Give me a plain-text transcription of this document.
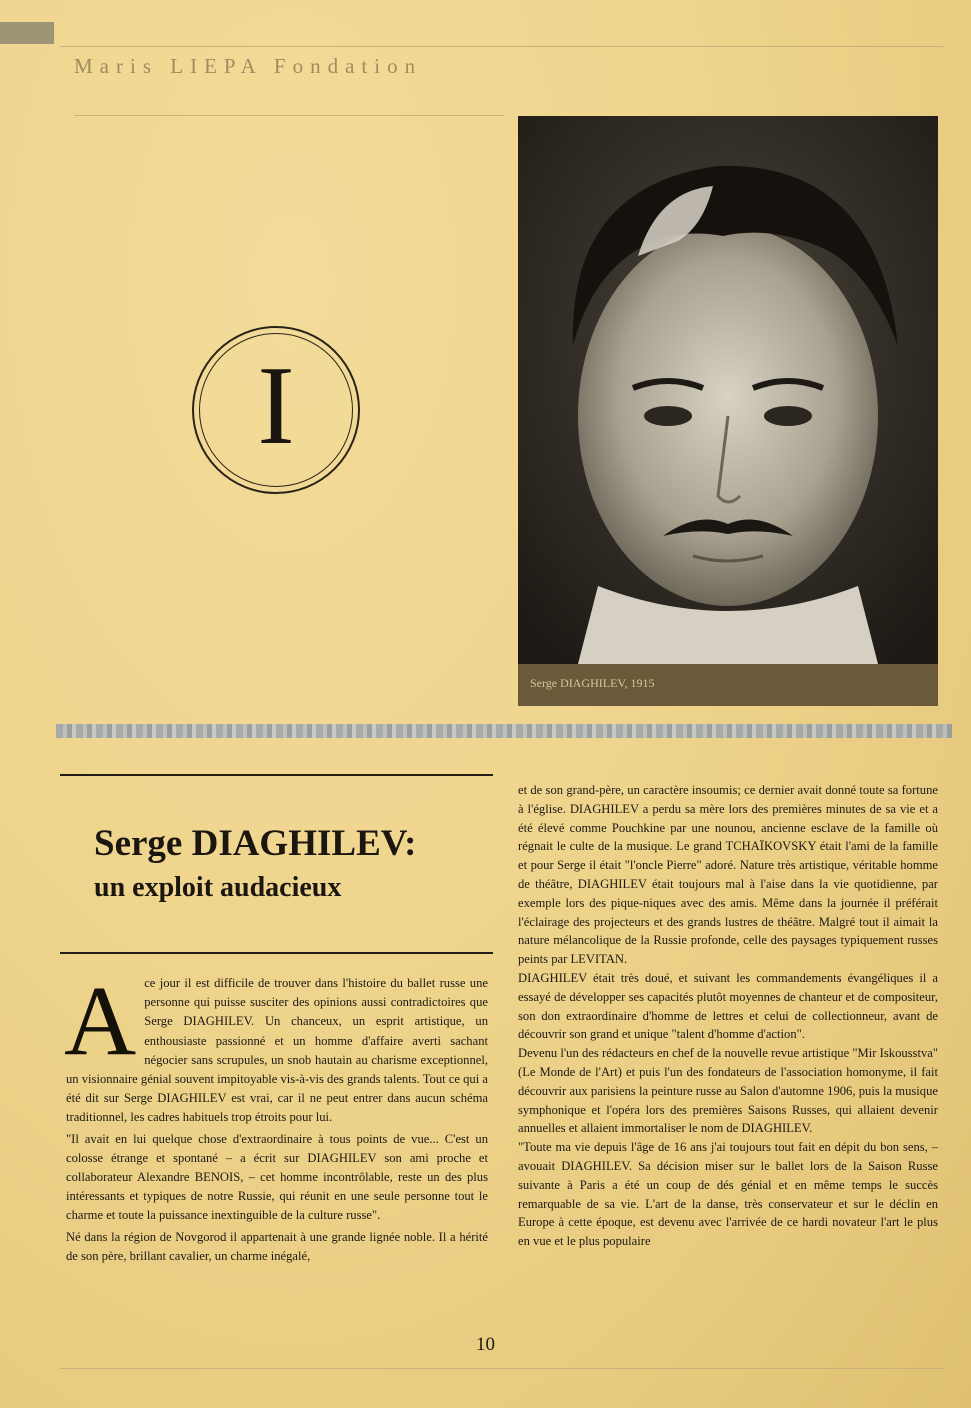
Maris LIEPA Fondation
I
Serge DIAGHILEV, 1915
Serge DIAGHILEV:
un exploit audacieux

A ce jour il est difficile de trouver dans l'histoire du ballet russe une personne qui puisse susciter des opinions aussi contradictoires que Serge DIAGHILEV. Un chanceux, un esprit artistique, un enthousiaste passionné et un homme d'affaire averti sachant négocier sans scrupules, un snob hautain au charisme exceptionnel, un visionnaire génial souvent impitoyable vis-à-vis des grands talents. Tout ce qui a été dit sur Serge DIAGHILEV est vrai, car il ne peut entrer dans aucun schéma traditionnel, les cadres habituels trop étroits pour lui.

"Il avait en lui quelque chose d'extraordinaire à tous points de vue... C'est un colosse étrange et spontané – a écrit sur DIAGHILEV son ami proche et collaborateur Alexandre BENOIS, – cet homme incontrôlable, reste un des plus intéressants et typiques de notre Russie, qui réunit en une seule personne tout le charme et toute la puissance inextinguible de la culture russe".

Né dans la région de Novgorod il appartenait à une grande lignée noble. Il a hérité de son père, brillant cavalier, un charme inégalé,

et de son grand-père, un caractère insoumis; ce dernier avait donné toute sa fortune à l'église. DIAGHILEV a perdu sa mère lors des premières minutes de sa vie et a été élevé comme Pouchkine par une nounou, ancienne esclave de la famille où régnait le culte de la musique. Le grand TCHAÏKOVSKY était l'ami de la famille et pour Serge il était "l'oncle Pierre" adoré. Nature très artistique, véritable homme de théâtre, DIAGHILEV était toujours mal à l'aise dans la vie quotidienne, par exemple lors des pique-niques avec des amis. Même dans la journée il préférait l'éclairage des projecteurs et des grands lustres de théâtre. Malgré tout il aimait la nature mélancolique de la Russie profonde, celle des paysages typiquement russes peints par LEVITAN.

DIAGHILEV était très doué, et suivant les commandements évangéliques il a essayé de développer ses capacités plutôt moyennes de chanteur et de compositeur, son don extraordinaire d'homme de lettres et celui de collectionneur, avant de découvrir son grand et unique "talent d'homme d'action".

Devenu l'un des rédacteurs en chef de la nouvelle revue artistique "Mir Iskousstva" (Le Monde de l'Art) et puis l'un des fondateurs de l'association homonyme, il fait découvrir aux parisiens la peinture russe au Salon d'automne 1906, puis la musique symphonique et l'opéra lors des premières Saisons Russes, qui allaient devenir annuelles et allaient immortaliser le nom de DIAGHILEV.

"Toute ma vie depuis l'âge de 16 ans j'ai toujours tout fait en dépit du bon sens, – avouait DIAGHILEV. Sa décision miser sur le ballet lors de la Saison Russe suivante à Paris a été un coup de dés génial et en même temps le succès remarquable de sa vie. L'art de la danse, très conservateur et sur le déclin en Europe à cette époque, est devenu avec l'arrivée de ce hardi novateur l'art le plus en vue et le plus populaire

10
